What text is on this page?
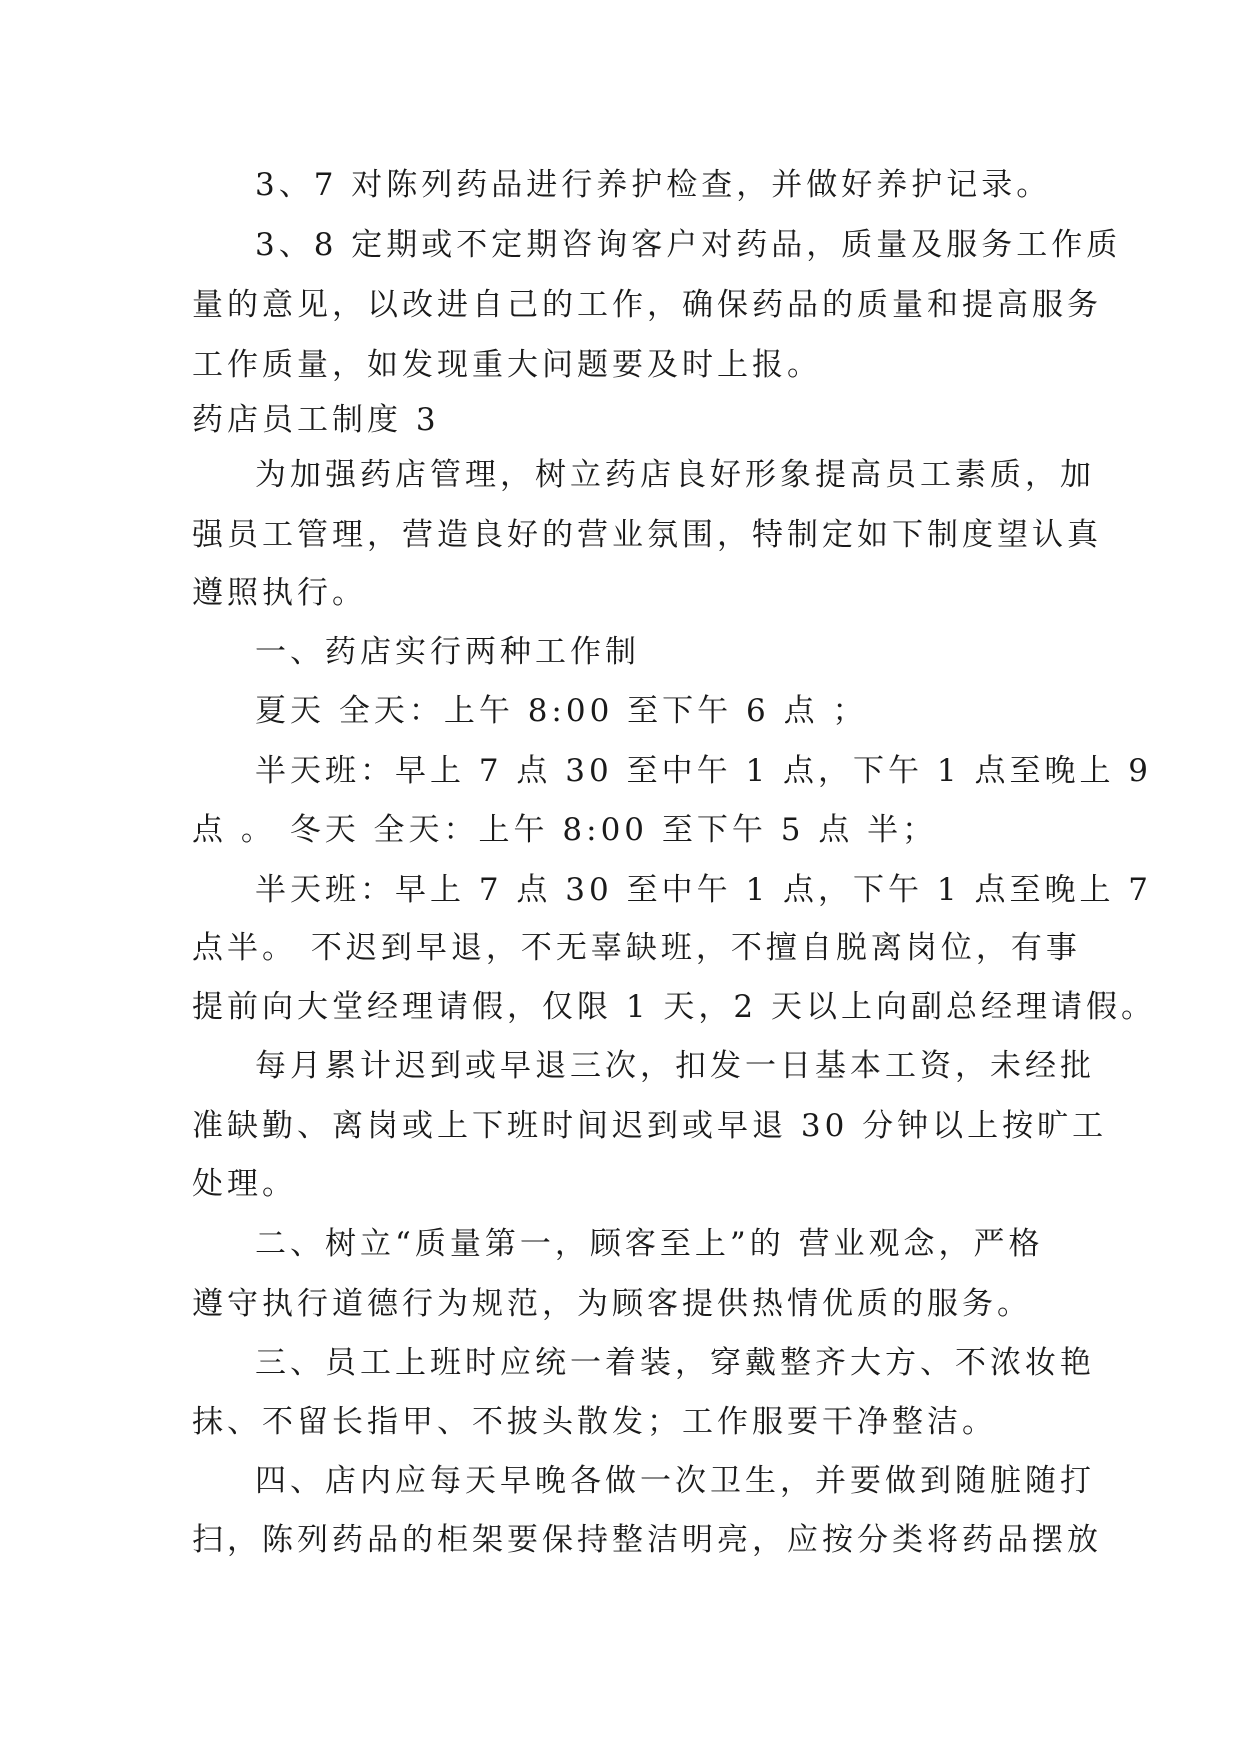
3、7 对陈列药品进行养护检查，并做好养护记录。
3、8 定期或不定期咨询客户对药品，质量及服务工作质
量的意见，以改进自己的工作，确保药品的质量和提高服务
工作质量，如发现重大问题要及时上报。
药店员工制度 3
为加强药店管理，树立药店良好形象提高员工素质，加
强员工管理，营造良好的营业氛围，特制定如下制度望认真
遵照执行。
一、药店实行两种工作制
夏天 全天：上午 8:00 至下午 6 点 ；
半天班：早上 7 点 30 至中午 1 点，下午 1 点至晚上 9
点 。 冬天 全天：上午 8:00 至下午 5 点 半；
半天班：早上 7 点 30 至中午 1 点，下午 1 点至晚上 7
点半。 不迟到早退，不无辜缺班，不擅自脱离岗位，有事
提前向大堂经理请假，仅限 1 天，2 天以上向副总经理请假。
每月累计迟到或早退三次，扣发一日基本工资，未经批
准缺勤、离岗或上下班时间迟到或早退 30 分钟以上按旷工
处理。
二、树立“质量第一，顾客至上”的 营业观念，严格
遵守执行道德行为规范，为顾客提供热情优质的服务。
三、员工上班时应统一着装，穿戴整齐大方、不浓妆艳
抹、不留长指甲、不披头散发；工作服要干净整洁。
四、店内应每天早晚各做一次卫生，并要做到随脏随打
扫，陈列药品的柜架要保持整洁明亮，应按分类将药品摆放
